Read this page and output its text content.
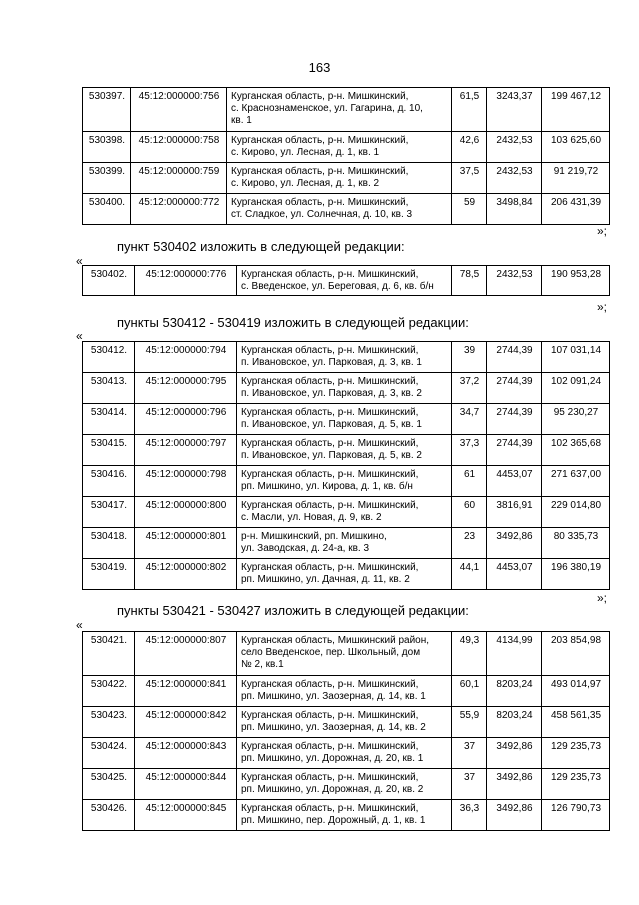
163
530397.	45:12:000000:756	Курганская область, р-н. Мишкинский,
с. Краснознаменское, ул. Гагарина, д. 10,
кв. 1	61,5	3243,37	199 467,12
530398.	45:12:000000:758	Курганская область, р-н. Мишкинский,
с. Кирово, ул. Лесная, д. 1, кв. 1	42,6	2432,53	103 625,60
530399.	45:12:000000:759	Курганская область, р-н. Мишкинский,
с. Кирово, ул. Лесная, д. 1, кв. 2	37,5	2432,53	91 219,72
530400.	45:12:000000:772	Курганская область, р-н. Мишкинский,
ст. Сладкое, ул. Солнечная, д. 10, кв. 3	59	3498,84	206 431,39
»;
пункт 530402 изложить в следующей редакции:
«
530402.	45:12:000000:776	Курганская область, р-н. Мишкинский,
с. Введенское, ул. Береговая, д. 6, кв. б/н	78,5	2432,53	190 953,28
»;
пункты 530412 - 530419 изложить в следующей редакции:
«
530412.	45:12:000000:794	Курганская область, р-н. Мишкинский,
п. Ивановское, ул. Парковая, д. 3, кв. 1	39	2744,39	107 031,14
530413.	45:12:000000:795	Курганская область, р-н. Мишкинский,
п. Ивановское, ул. Парковая, д. 3, кв. 2	37,2	2744,39	102 091,24
530414.	45:12:000000:796	Курганская область, р-н. Мишкинский,
п. Ивановское, ул. Парковая, д. 5, кв. 1	34,7	2744,39	95 230,27
530415.	45:12:000000:797	Курганская область, р-н. Мишкинский,
п. Ивановское, ул. Парковая, д. 5, кв. 2	37,3	2744,39	102 365,68
530416.	45:12:000000:798	Курганская область, р-н. Мишкинский,
рп. Мишкино, ул. Кирова, д. 1, кв. б/н	61	4453,07	271 637,00
530417.	45:12:000000:800	Курганская область, р-н. Мишкинский,
с. Масли, ул. Новая, д. 9, кв. 2	60	3816,91	229 014,80
530418.	45:12:000000:801	р-н. Мишкинский, рп. Мишкино,
ул. Заводская, д. 24-а, кв. 3	23	3492,86	80 335,73
530419.	45:12:000000:802	Курганская область, р-н. Мишкинский,
рп. Мишкино, ул. Дачная, д. 11, кв. 2	44,1	4453,07	196 380,19
»;
пункты 530421 - 530427 изложить в следующей редакции:
«
530421.	45:12:000000:807	Курганская область, Мишкинский район,
село Введенское, пер. Школьный, дом
№ 2, кв.1	49,3	4134,99	203 854,98
530422.	45:12:000000:841	Курганская область, р-н. Мишкинский,
рп. Мишкино, ул. Заозерная, д. 14, кв. 1	60,1	8203,24	493 014,97
530423.	45:12:000000:842	Курганская область, р-н. Мишкинский,
рп. Мишкино, ул. Заозерная, д. 14, кв. 2	55,9	8203,24	458 561,35
530424.	45:12:000000:843	Курганская область, р-н. Мишкинский,
рп. Мишкино, ул. Дорожная, д. 20, кв. 1	37	3492,86	129 235,73
530425.	45:12:000000:844	Курганская область, р-н. Мишкинский,
рп. Мишкино, ул. Дорожная, д. 20, кв. 2	37	3492,86	129 235,73
530426.	45:12:000000:845	Курганская область, р-н. Мишкинский,
рп. Мишкино, пер. Дорожный, д. 1, кв. 1	36,3	3492,86	126 790,73
